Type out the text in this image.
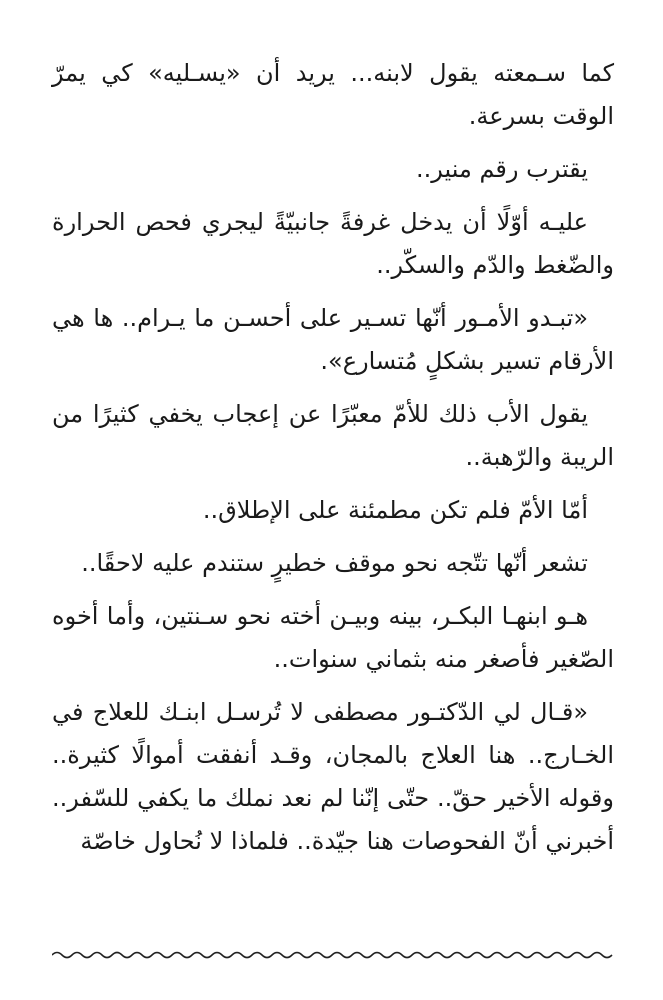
كما سـمعته يقول لابنه... يريد أن «يسـليه» كي يمرّ الوقت بسرعة.

يقترب رقم منير..

عليـه أوّلًا أن يدخل غرفةً جانبيّةً ليجري فحص الحرارة والضّغط والدّم والسكّر..

«تبـدو الأمـور أنّها تسـير على أحسـن ما يـرام.. ها هي الأرقام تسير بشكلٍ مُتسارع».

يقول الأب ذلك للأمّ معبّرًا عن إعجاب يخفي كثيرًا من الريبة والرّهبة..

أمّا الأمّ فلم تكن مطمئنة على الإطلاق..

تشعر أنّها تتّجه نحو موقف خطيرٍ ستندم عليه لاحقًا..

هـو ابنهـا البكـر، بينه وبيـن أخته نحو سـنتين، وأما أخوه الصّغير فأصغر منه بثماني سنوات..

«قـال لي الدّكتـور مصطفى لا تُرسـل ابنـك للعلاج في الخـارج.. هنا العلاج بالمجان، وقـد أنفقت أموالًا كثيرة.. وقوله الأخير حقّ.. حتّى إنّنا لم نعد نملك ما يكفي للسّفر.. أخبرني أنّ الفحوصات هنا جيّدة.. فلماذا لا نُحاول خاصّة
